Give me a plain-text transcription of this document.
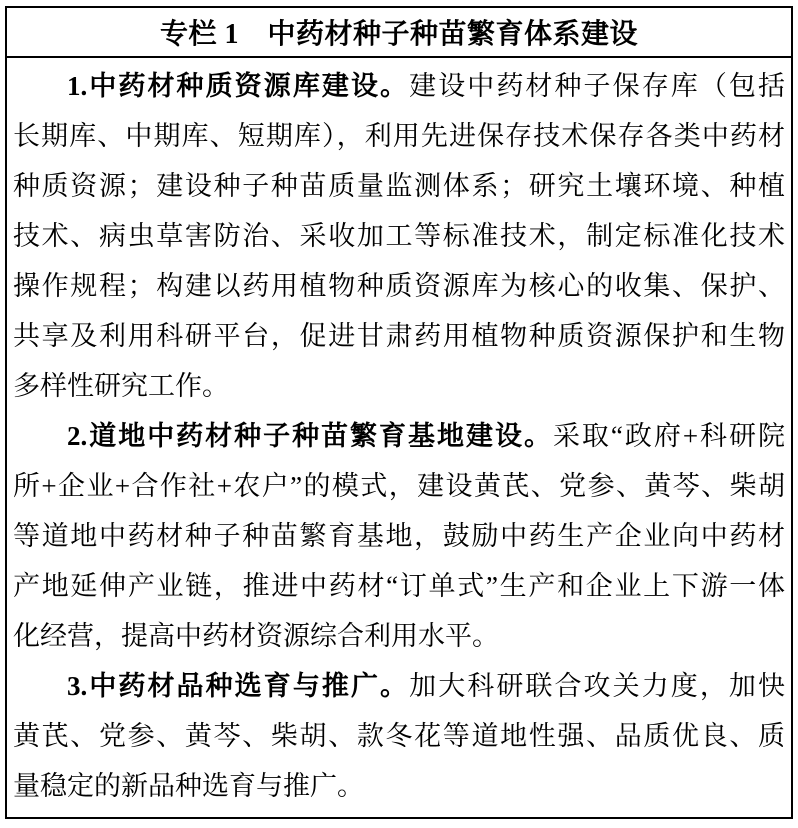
专栏 1　中药材种子种苗繁育体系建设
1.中药材种质资源库建设。建设中药材种子保存库（包括
长期库、中期库、短期库），利用先进保存技术保存各类中药材
种质资源；建设种子种苗质量监测体系；研究土壤环境、种植
技术、病虫草害防治、采收加工等标准技术，制定标准化技术
操作规程；构建以药用植物种质资源库为核心的收集、保护、
共享及利用科研平台，促进甘肃药用植物种质资源保护和生物
多样性研究工作。
2.道地中药材种子种苗繁育基地建设。采取“政府+科研院
所+企业+合作社+农户”的模式，建设黄芪、党参、黄芩、柴胡
等道地中药材种子种苗繁育基地，鼓励中药生产企业向中药材
产地延伸产业链，推进中药材“订单式”生产和企业上下游一体
化经营，提高中药材资源综合利用水平。
3.中药材品种选育与推广。加大科研联合攻关力度，加快
黄芪、党参、黄芩、柴胡、款冬花等道地性强、品质优良、质
量稳定的新品种选育与推广。
